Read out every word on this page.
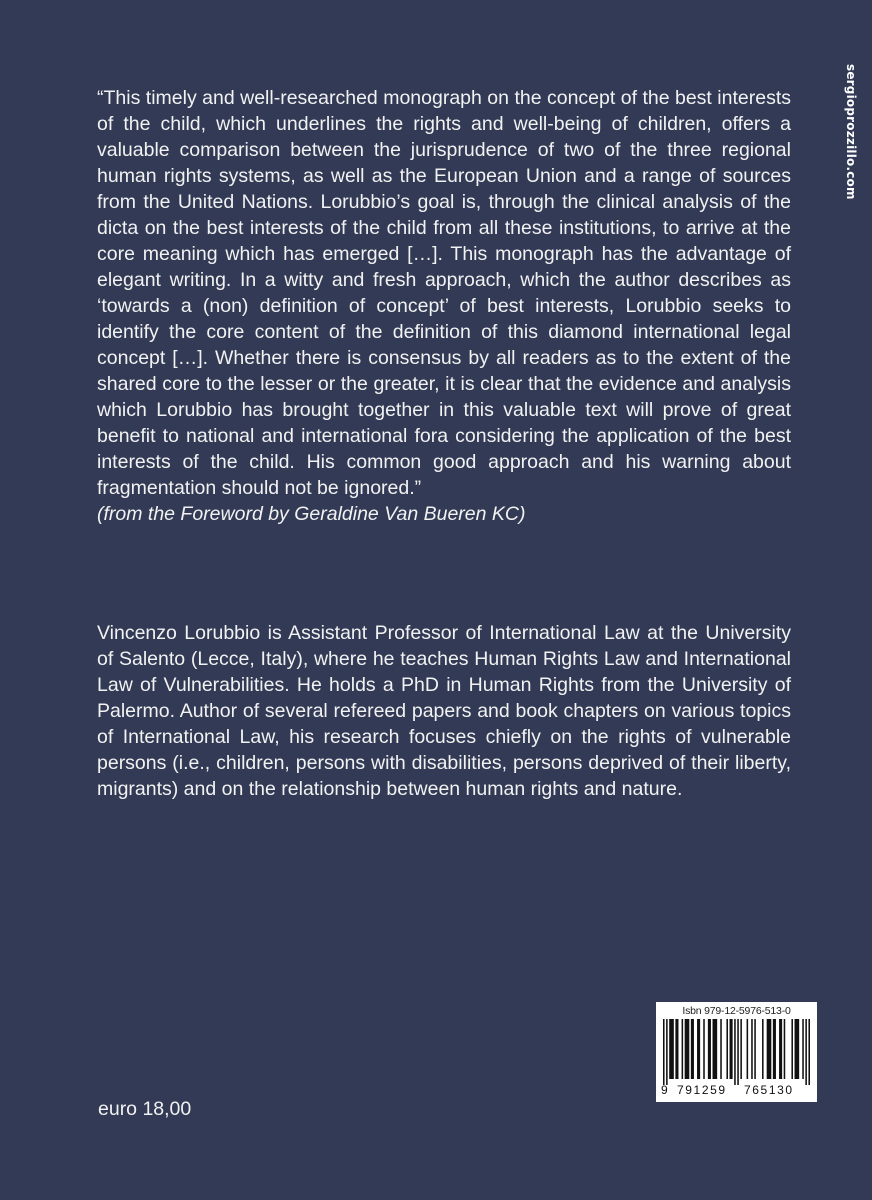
sergioprozzillo.com

“This timely and well-researched monograph on the concept of the best interests of the child, which underlines the rights and well-being of children, offers a valuable comparison between the jurisprudence of two of the three regional human rights systems, as well as the European Union and a range of sources from the United Nations. Lorubbio’s goal is, through the clinical analysis of the dicta on the best interests of the child from all these institutions, to arrive at the core meaning which has emerged […]. This monograph has the advantage of elegant writing. In a witty and fresh approach, which the author describes as ‘towards a (non) definition of concept’ of best interests, Lorubbio seeks to identify the core content of the definition of this diamond international legal concept […]. Whether there is consensus by all readers as to the extent of the shared core to the lesser or the greater, it is clear that the evidence and analysis which Lorubbio has brought together in this valuable text will prove of great benefit to national and international fora considering the application of the best interests of the child. His common good approach and his warning about fragmentation should not be ignored.”

(from the Foreword by Geraldine Van Bueren KC)

Vincenzo Lorubbio is Assistant Professor of International Law at the University of Salento (Lecce, Italy), where he teaches Human Rights Law and International Law of Vulnerabilities. He holds a PhD in Human Rights from the University of Palermo. Author of several refereed papers and book chapters on various topics of International Law, his research focuses chiefly on the rights of vulnerable persons (i.e., children, persons with disabilities, persons deprived of their liberty, migrants) and on the relationship between human rights and nature.

euro 18,00
Isbn 979-12-5976-513-0
9 791259 765130
